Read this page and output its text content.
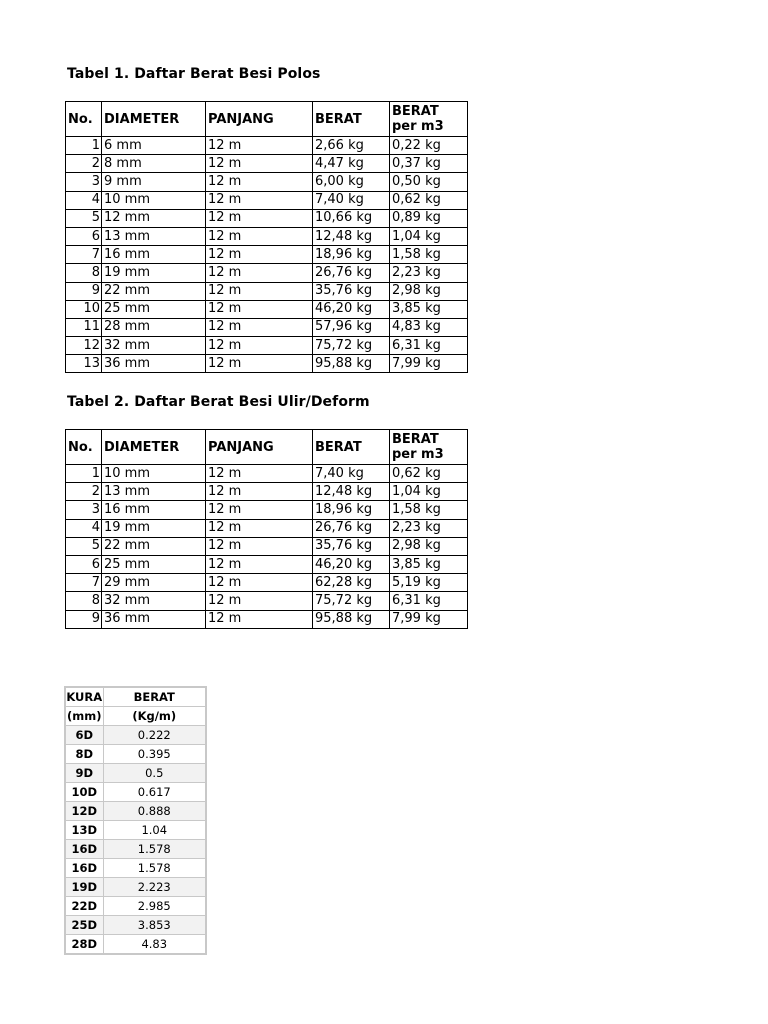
Tabel 1. Daftar Berat Besi Polos
No.	DIAMETER	PANJANG	BERAT	BERAT per m3
1	6 mm	12 m	2,66 kg	0,22 kg
2	8 mm	12 m	4,47 kg	0,37 kg
3	9 mm	12 m	6,00 kg	0,50 kg
4	10 mm	12 m	7,40 kg	0,62 kg
5	12 mm	12 m	10,66 kg	0,89 kg
6	13 mm	12 m	12,48 kg	1,04 kg
7	16 mm	12 m	18,96 kg	1,58 kg
8	19 mm	12 m	26,76 kg	2,23 kg
9	22 mm	12 m	35,76 kg	2,98 kg
10	25 mm	12 m	46,20 kg	3,85 kg
11	28 mm	12 m	57,96 kg	4,83 kg
12	32 mm	12 m	75,72 kg	6,31 kg
13	36 mm	12 m	95,88 kg	7,99 kg
Tabel 2. Daftar Berat Besi Ulir/Deform
No.	DIAMETER	PANJANG	BERAT	BERAT per m3
1	10 mm	12 m	7,40 kg	0,62 kg
2	13 mm	12 m	12,48 kg	1,04 kg
3	16 mm	12 m	18,96 kg	1,58 kg
4	19 mm	12 m	26,76 kg	2,23 kg
5	22 mm	12 m	35,76 kg	2,98 kg
6	25 mm	12 m	46,20 kg	3,85 kg
7	29 mm	12 m	62,28 kg	5,19 kg
8	32 mm	12 m	75,72 kg	6,31 kg
9	36 mm	12 m	95,88 kg	7,99 kg
KURA	BERAT
(mm)	(Kg/m)
6D	0.222
8D	0.395
9D	0.5
10D	0.617
12D	0.888
13D	1.04
16D	1.578
16D	1.578
19D	2.223
22D	2.985
25D	3.853
28D	4.83
